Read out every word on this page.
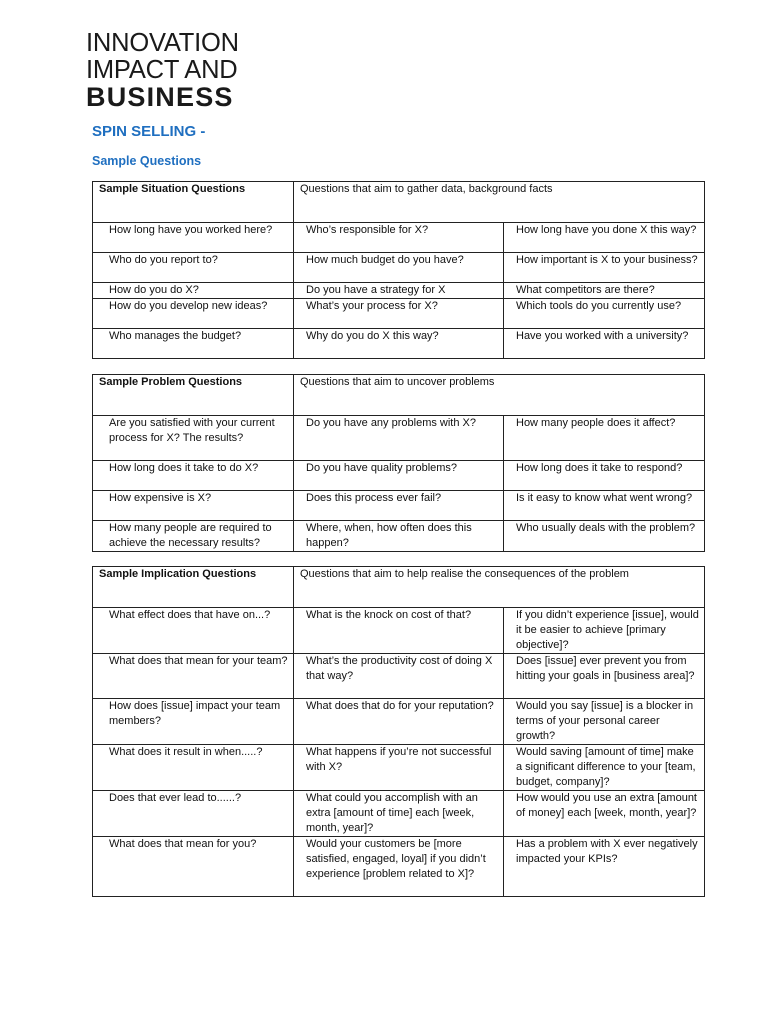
INNOVATION
IMPACT AND
BUSINESS
SPIN SELLING -
Sample Questions
Sample Situation Questions	Questions that aim to gather data, background facts	
How long have you worked here?	Who’s responsible for X?	How long have you done X this way?
Who do you report to?	How much budget do you have?	How important is X to your business?
How do you do X?	Do you have a strategy for X	What competitors are there?
How do you develop new ideas?	What’s your process for X?	Which tools do you currently use?
Who manages the budget?	Why do you do X this way?	Have you worked with a university?
Sample Problem Questions	Questions that aim to uncover problems	
Are you satisfied with your current process for X? The results?	Do you have any problems with X?	How many people does it affect?
How long does it take to do X?	Do you have quality problems?	How long does it take to respond?
How expensive is X?	Does this process ever fail?	Is it easy to know what went wrong?
How many people are required to achieve the necessary results?	Where, when, how often does this happen?	Who usually deals with the problem?
Sample Implication Questions	Questions that aim to help realise the consequences of the problem	
What effect does that have on...?	What is the knock on cost of that?	If you didn’t experience [issue], would it be easier to achieve [primary objective]?
What does that mean for your team?	What’s the productivity cost of doing X that way?	Does [issue] ever prevent you from hitting your goals in [business area]?
How does [issue] impact your team members?	What does that do for your reputation?	Would you say [issue] is a blocker in terms of your personal career growth?
What does it result in when.....?	What happens if you’re not successful with X?	Would saving [amount of time] make a significant difference to your [team, budget, company]?
Does that ever lead to......?	What could you accomplish with an extra [amount of time] each [week, month, year]?	How would you use an extra [amount of money] each [week, month, year]?
What does that mean for you?	Would your customers be [more satisfied, engaged, loyal] if you didn’t experience [problem related to X]?	Has a problem with X ever negatively impacted your KPIs?
